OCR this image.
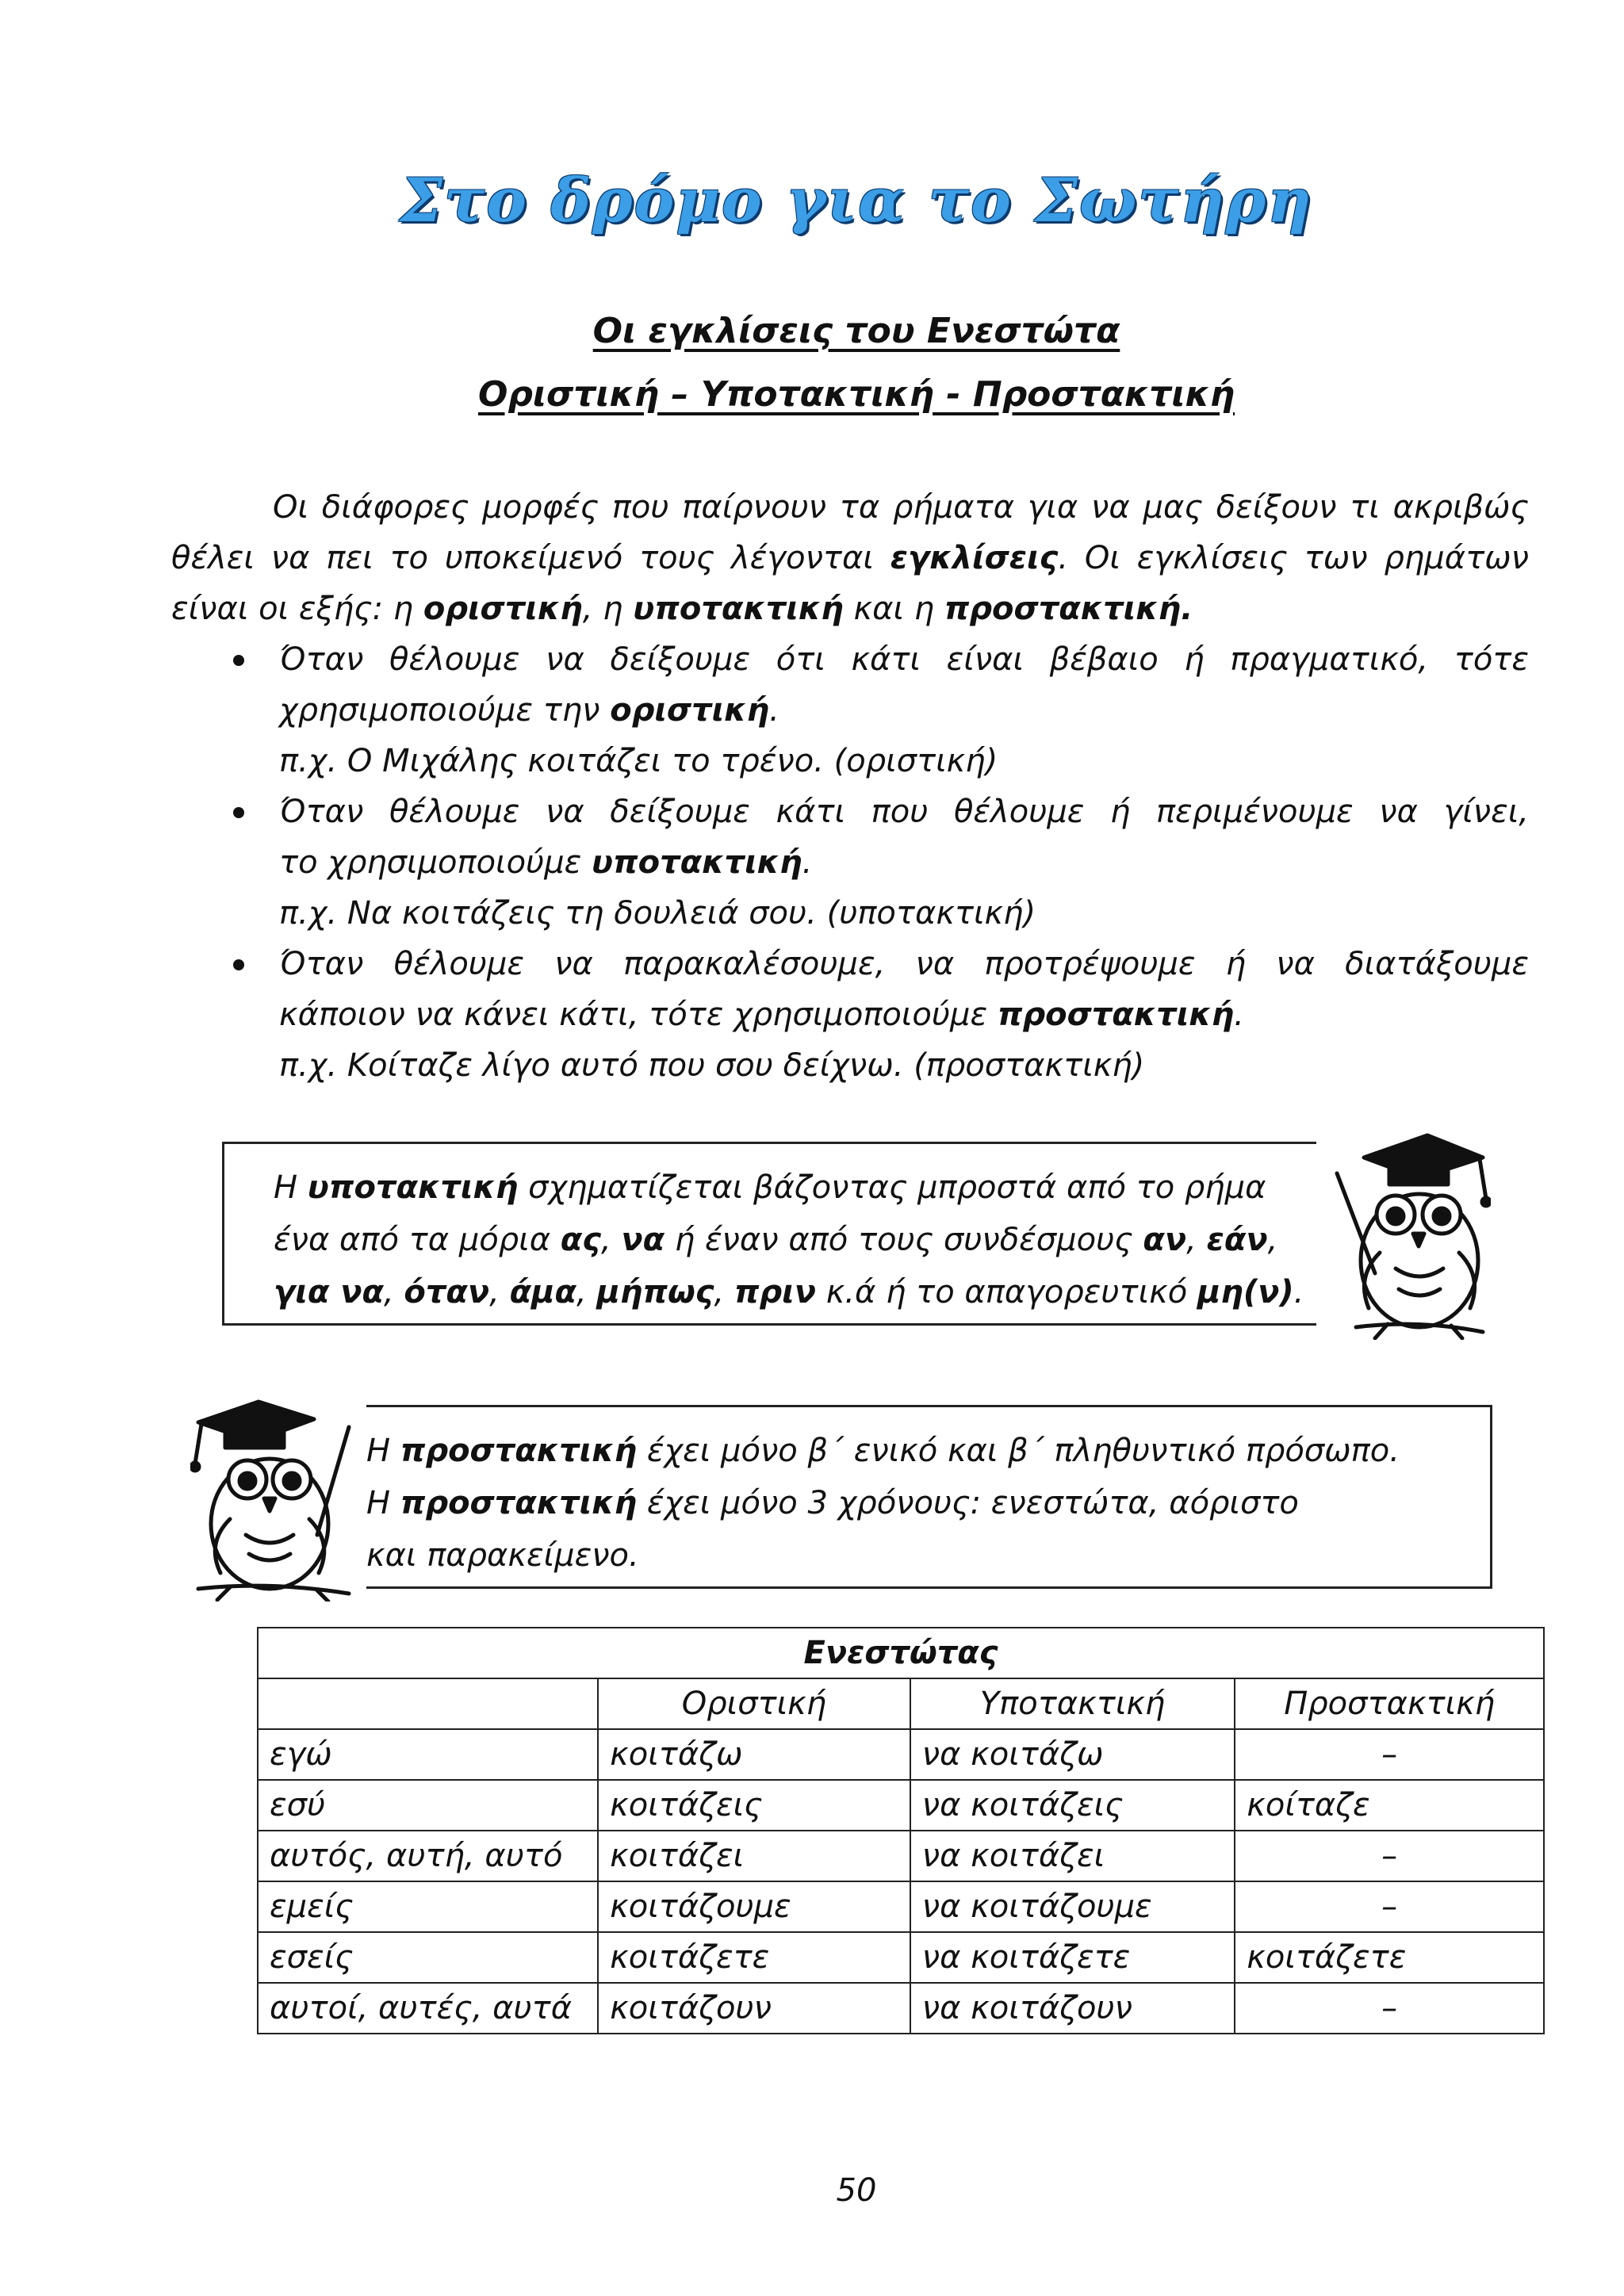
Στο δρόμο για το Σωτήρη
Οι εγκλίσεις του Ενεστώτα
Οριστική – Υποτακτική - Προστακτική
Οι διάφορες μορφές που παίρνουν τα ρήματα για να μας δείξουν τι ακριβώς θέλει να πει το υποκείμενό τους λέγονται εγκλίσεις. Οι εγκλίσεις των ρημάτων είναι οι εξής: η οριστική, η υποτακτική και η προστακτική.
Όταν θέλουμε να δείξουμε ότι κάτι είναι βέβαιο ή πραγματικό, τότε
χρησιμοποιούμε την οριστική.
π.χ. Ο Μιχάλης κοιτάζει το τρένο. (οριστική)
Όταν θέλουμε να δείξουμε κάτι που θέλουμε ή περιμένουμε να γίνει,
το χρησιμοποιούμε υποτακτική.
π.χ. Να κοιτάζεις τη δουλειά σου. (υποτακτική)
Όταν θέλουμε να παρακαλέσουμε, να προτρέψουμε ή να διατάξουμε
κάποιον να κάνει κάτι, τότε χρησιμοποιούμε προστακτική.
π.χ. Κοίταζε λίγο αυτό που σου δείχνω. (προστακτική)
Η υποτακτική σχηματίζεται βάζοντας μπροστά από το ρήμα
ένα από τα μόρια ας, να ή έναν από τους συνδέσμους αν, εάν,
για να, όταν, άμα, μήπως, πριν κ.ά ή το απαγορευτικό μη(ν).
Η προστακτική έχει μόνο β΄ ενικό και β΄ πληθυντικό πρόσωπο.
Η προστακτική έχει μόνο 3 χρόνους: ενεστώτα, αόριστο
και παρακείμενο.
Ενεστώτας			
	Οριστική	Υποτακτική	Προστακτική
εγώ	κοιτάζω	να κοιτάζω	–
εσύ	κοιτάζεις	να κοιτάζεις	κοίταζε
αυτός, αυτή, αυτό	κοιτάζει	να κοιτάζει	–
εμείς	κοιτάζουμε	να κοιτάζουμε	–
εσείς	κοιτάζετε	να κοιτάζετε	κοιτάζετε
αυτοί, αυτές, αυτά	κοιτάζουν	να κοιτάζουν	–
50
